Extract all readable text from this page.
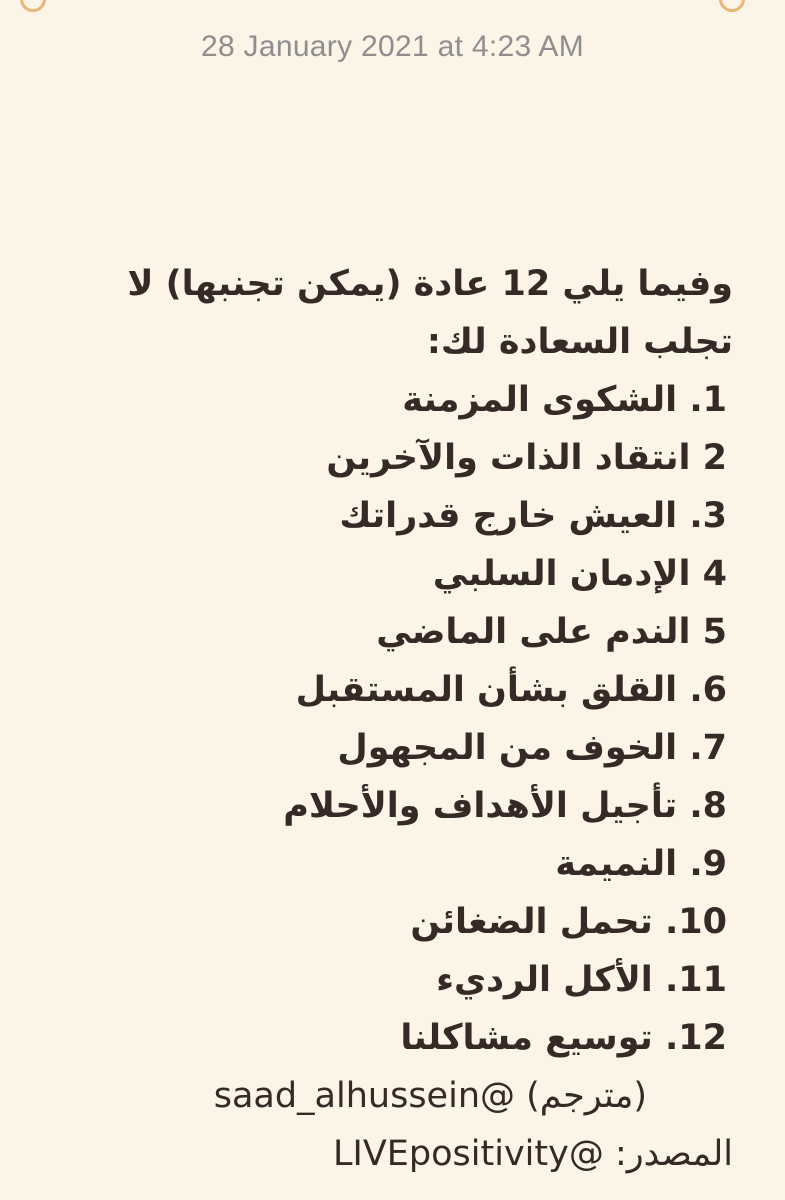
28 January 2021 at 4:23 AM
وفيما يلي 12 عادة (يمكن تجنبها) لا
تجلب السعادة لك:
1. الشكوى المزمنة
2 انتقاد الذات والآخرين
3. العيش خارج قدراتك
4 الإدمان السلبي
5 الندم على الماضي
6. القلق بشأن المستقبل
7. الخوف من المجهول
8. تأجيل الأهداف والأحلام
9. النميمة
10. تحمل الضغائن
11. الأكل الرديء
12. توسيع مشاكلنا
(مترجم) @saad_alhussein
المصدر: @LIVEpositivity
